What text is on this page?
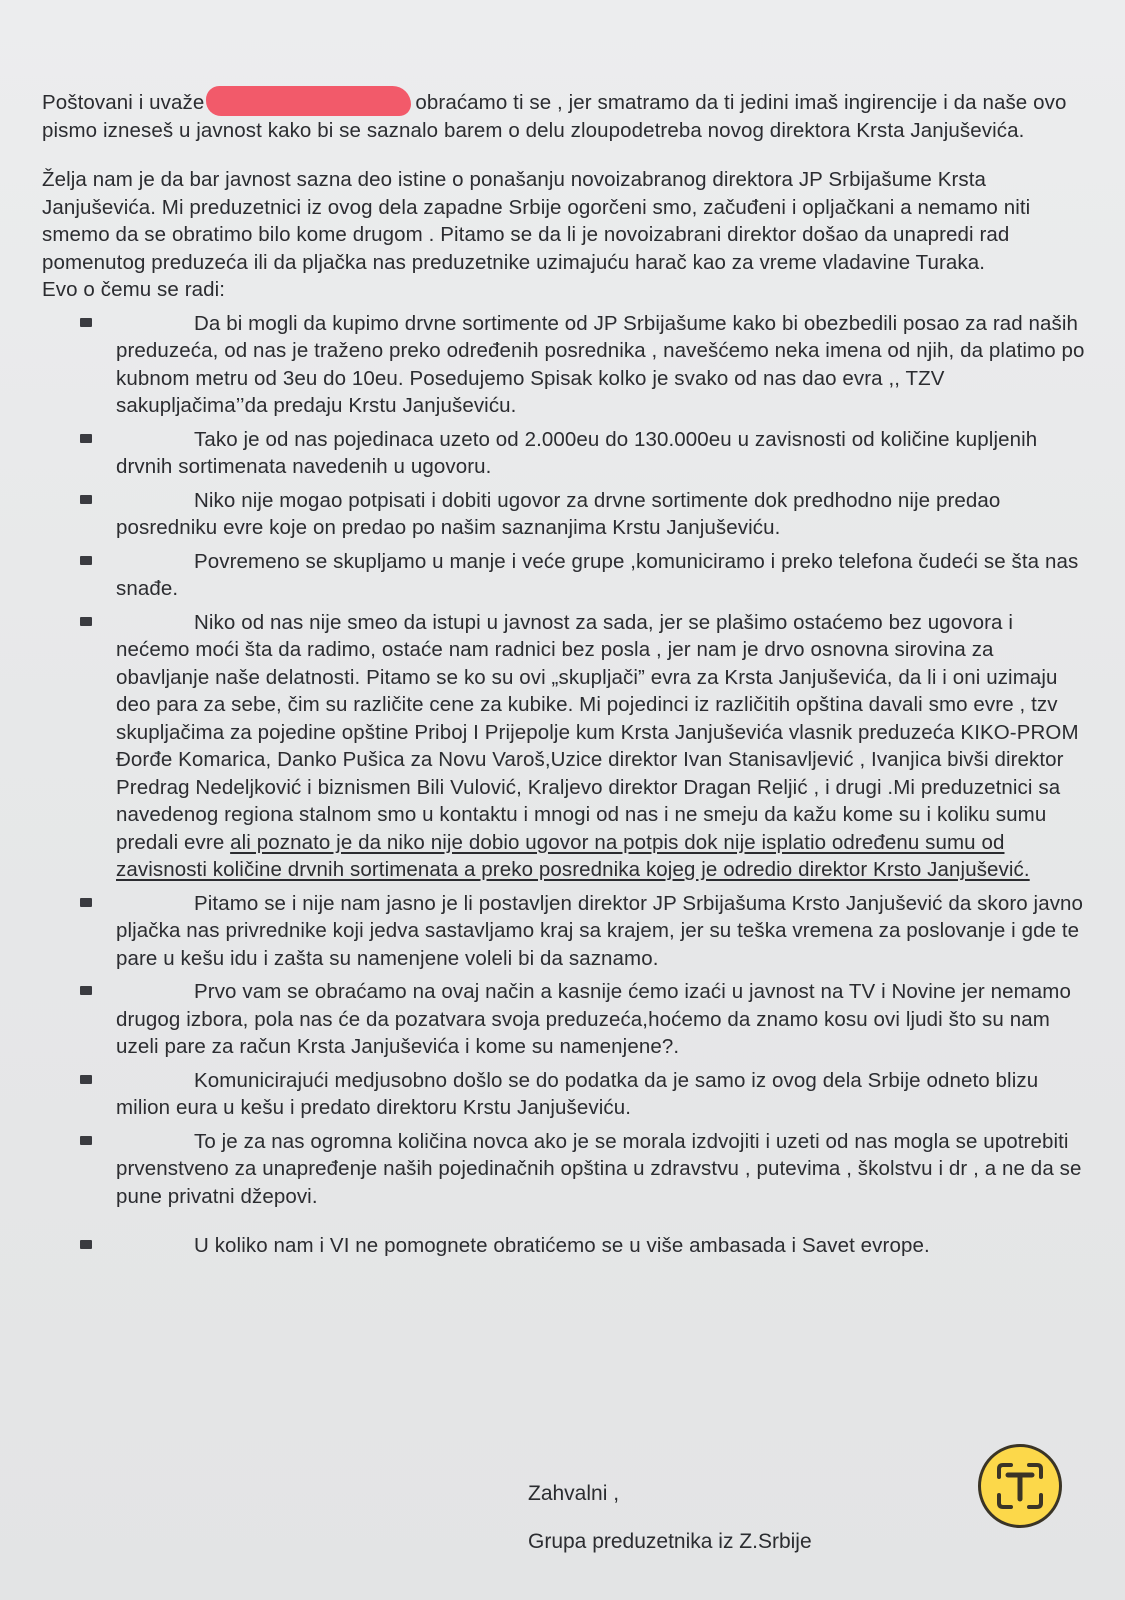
Poštovani i uvaže	obraćamo ti se , jer smatramo da ti jedini imaš ingirencije i da naše ovo pismo izneseš u javnost kako bi se saznalo barem o delu zloupodetreba novog direktora Krsta Janjuševića.

Želja nam je da bar javnost sazna deo istine o ponašanju novoizabranog direktora JP Srbijašume Krsta Janjuševića. Mi preduzetnici iz ovog dela zapadne Srbije ogorčeni smo, začuđeni i opljačkani a nemamo niti smemo da se obratimo bilo kome drugom . Pitamo se da li je novoizabrani direktor došao da unapredi rad pomenutog preduzeća ili da pljačka nas preduzetnike uzimajuću harač kao za vreme vladavine Turaka.

Evo o čemu se radi:

Da bi mogli da kupimo drvne sortimente od JP Srbijašume kako bi obezbedili posao za rad naših preduzeća, od nas je traženo preko određenih posrednika , navešćemo neka imena od njih, da platimo po kubnom metru od 3eu do 10eu. Posedujemo Spisak kolko je svako od nas dao evra ,, TZV sakupljačima’’da predaju Krstu Janjuševiću.
Tako je od nas pojedinaca uzeto od 2.000eu do 130.000eu u zavisnosti od količine kupljenih drvnih sortimenata navedenih u ugovoru.
Niko nije mogao potpisati i dobiti ugovor za drvne sortimente dok predhodno nije predao posredniku evre koje on predao po našim saznanjima Krstu Janjuševiću.
Povremeno se skupljamo u manje i veće grupe ,komuniciramo i preko telefona čudeći se šta nas snađe.
Niko od nas nije smeo da istupi u javnost za sada, jer se plašimo ostaćemo bez ugovora i nećemo moći šta da radimo, ostaće nam radnici bez posla , jer nam je drvo osnovna sirovina za obavljanje naše delatnosti. Pitamo se ko su ovi „skupljači” evra za Krsta Janjuševića, da li i oni uzimaju deo para za sebe, čim su različite cene za kubike. Mi pojedinci iz različitih opština davali smo evre , tzv skupljačima za pojedine opštine Priboj I Prijepolje kum Krsta Janjuševića vlasnik preduzeća KIKO-PROM Đorđe Komarica, Danko Pušica za Novu Varoš,Uzice direktor Ivan Stanisavljević , Ivanjica bivši direktor Predrag Nedeljković i biznismen Bili Vulović, Kraljevo direktor Dragan Reljić , i drugi .Mi preduzetnici sa navedenog regiona stalnom smo u kontaktu i mnogi od nas i ne smeju da kažu kome su i koliku sumu predali evre ali poznato je da niko nije dobio ugovor na potpis dok nije isplatio određenu sumu od zavisnosti količine drvnih sortimenata a preko posrednika kojeg je odredio direktor Krsto Janjušević.
Pitamo se i nije nam jasno je li postavljen direktor JP Srbijašuma Krsto Janjušević da skoro javno pljačka nas privrednike koji jedva sastavljamo kraj sa krajem, jer su teška vremena za poslovanje i gde te pare u kešu idu i zašta su namenjene voleli bi da saznamo.
Prvo vam se obraćamo na ovaj način a kasnije ćemo izaći u javnost na TV i Novine jer nemamo drugog izbora, pola nas će da pozatvara svoja preduzeća,hoćemo da znamo kosu ovi ljudi što su nam uzeli pare za račun Krsta Janjuševića i kome su namenjene?.
Komunicirajući medjusobno došlo se do podatka da je samo iz ovog dela Srbije odneto blizu milion eura u kešu i predato direktoru Krstu Janjuševiću.
To je za nas ogromna količina novca ako je se morala izdvojiti i uzeti od nas mogla se upotrebiti prvenstveno za unapređenje naših pojedinačnih opština u zdravstvu , putevima , školstvu i dr , a ne da se pune privatni džepovi.
U koliko nam i VI ne pomognete obratićemo se u više ambasada i Savet evrope.
Zahvalni ,
Grupa preduzetnika iz Z.Srbije
